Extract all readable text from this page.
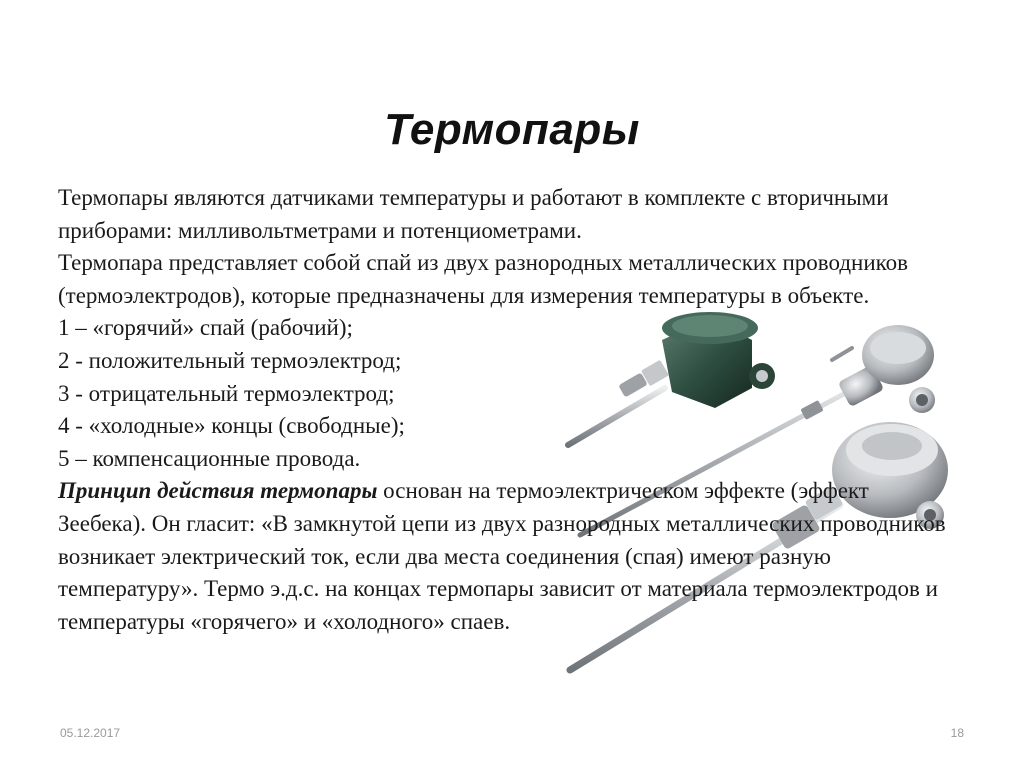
Термопары

Термопары являются датчиками температуры и работают в комплекте с вторичными приборами: милливольтметрами и потенциометрами.

Термопара представляет собой спай из двух разнородных металлических проводников (термоэлектродов), которые предназначены для измерения температуры в объекте.

1 – «горячий» спай (рабочий);

2 - положительный термоэлектрод;

3 - отрицательный термоэлектрод;

4 - «холодные» концы (свободные);

5 – компенсационные провода.

Принцип действия термопары основан на термоэлектрическом эффекте (эффект Зеебека). Он гласит: «В замкнутой цепи из двух разнородных металлических проводников возникает электрический ток, если два места соединения (спая) имеют разную температуру». Термо э.д.с. на концах термопары зависит от материала термоэлектродов и температуры «горячего» и «холодного» спаев.

05.12.2017	18
